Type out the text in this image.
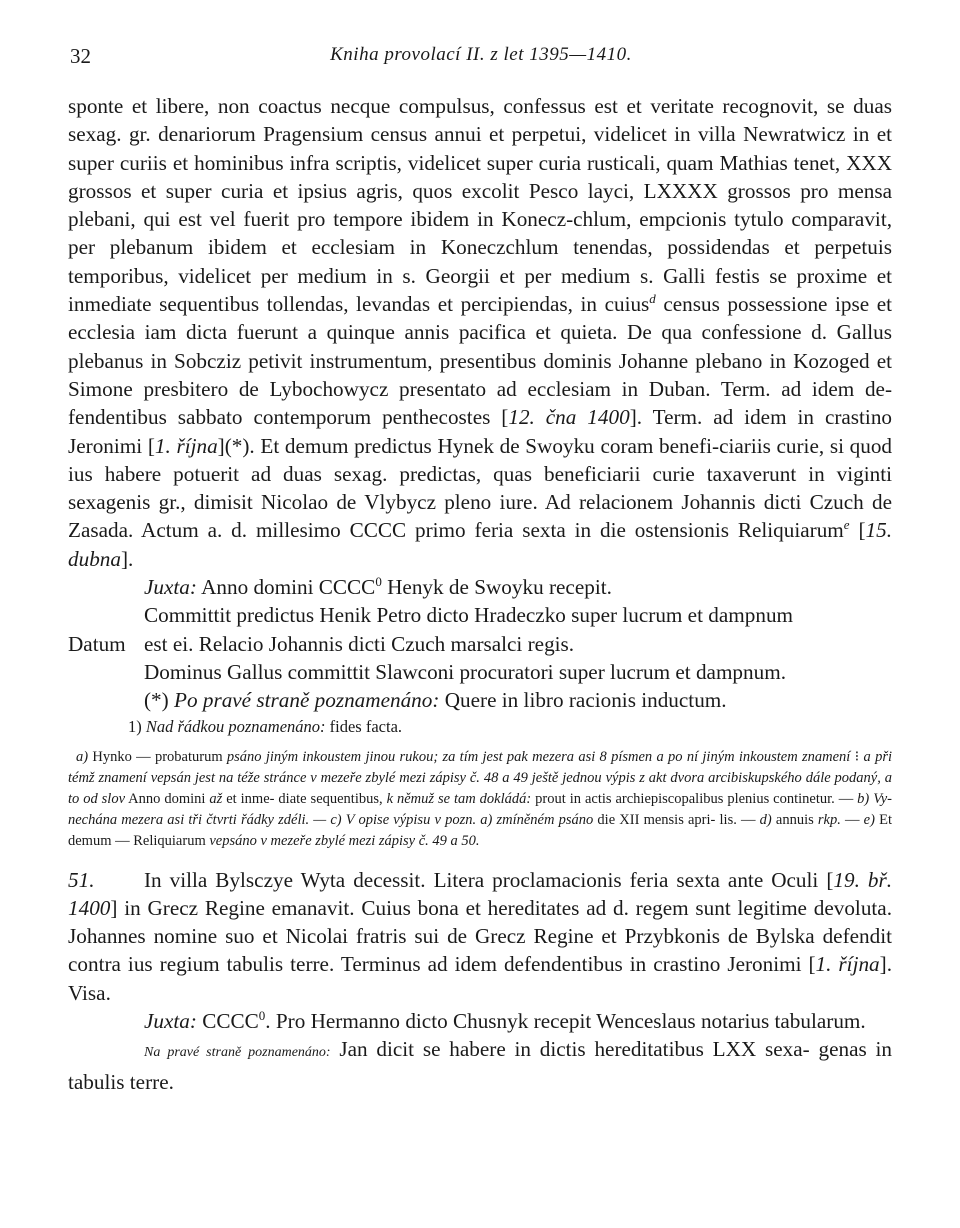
32	Kniha provolací II. z let 1395—1410.

sponte et libere, non coactus necque compulsus, confessus est et veritate recognovit, se duas sexag. gr. denariorum Pragensium census annui et perpetui, videlicet in villa Newratwicz in et super curiis et hominibus infra scriptis, videlicet super curia rusticali, quam Mathias tenet, XXX grossos et super curia et ipsius agris, quos excolit Pesco layci, LXXXX grossos pro mensa plebani, qui est vel fuerit pro tempore ibidem in Konecz-chlum, empcionis tytulo comparavit, per plebanum ibidem et ecclesiam in Koneczchlum tenendas, possidendas et perpetuis temporibus, videlicet per medium in s. Georgii et per medium s. Galli festis se proxime et inmediate sequentibus tollendas, levandas et percipiendas, in cuius$^d$ census possessione ipse et ecclesia iam dicta fuerunt a quinque annis pacifica et quieta. De qua confessione d. Gallus plebanus in Sobcziz petivit instrumentum, presentibus dominis Johanne plebano in Kozoged et Simone presbitero de Lybochowycz presentato ad ecclesiam in Duban. Term. ad idem de-fendentibus sabbato contemporum penthecostes [12. čna 1400]. Term. ad idem in crastino Jeronimi [1. října](*). Et demum predictus Hynek de Swoyku coram benefi-ciariis curie, si quod ius habere potuerit ad duas sexag. predictas, quas beneficiarii curie taxaverunt in viginti sexagenis gr., dimisit Nicolao de Vlybycz pleno iure. Ad relacionem Johannis dicti Czuch de Zasada. Actum a. d. millesimo CCCC primo feria sexta in die ostensionis Reliquiarum$^e$ [15. dubna].

Juxta: Anno domini CCCC$^0$ Henyk de Swoyku recepit.

Committit predictus Henik Petro dicto Hradeczko super lucrum et dampnum

Datum est ei. Relacio Johannis dicti Czuch marsalci regis.

Dominus Gallus committit Slawconi procuratori super lucrum et dampnum.

(*) Po pravé straně poznamenáno: Quere in libro racionis inductum.

1) Nad řádkou poznamenáno: fides facta.

a) Hynko — probaturum psáno jiným inkoustem jinou rukou; za tím jest pak mezera asi 8 písmen a po ní jiným inkoustem znamení ⁝ a při témž znamení vepsán jest na téže stránce v mezeře zbylé mezi zápisy č. 48 a 49 ještě jednou výpis z akt dvora arcibiskupského dále podaný, a to od slov Anno domini až et inme- diate sequentibus, k němuž se tam dokládá: prout in actis archiepiscopalibus plenius continetur. — b) Vy-nechána mezera asi tři čtvrti řádky zdéli. — c) V opise výpisu v pozn. a) zmíněném psáno die XII mensis apri- lis. — d) annuis rkp. — e) Et demum — Reliquiarum vepsáno v mezeře zbylé mezi zápisy č. 49 a 50.

51. In villa Bylsczye Wyta decessit. Litera proclamacionis feria sexta ante Oculi [19. bř. 1400] in Grecz Regine emanavit. Cuius bona et hereditates ad d. regem sunt legitime devoluta. Johannes nomine suo et Nicolai fratris sui de Grecz Regine et Przybkonis de Bylska defendit contra ius regium tabulis terre. Terminus ad idem defendentibus in crastino Jeronimi [1. října]. Visa.

Juxta: CCCC$^0$. Pro Hermanno dicto Chusnyk recepit Wenceslaus notarius tabularum.

Na pravé straně poznamenáno: Jan dicit se habere in dictis hereditatibus LXX sexa- genas in tabulis terre.
